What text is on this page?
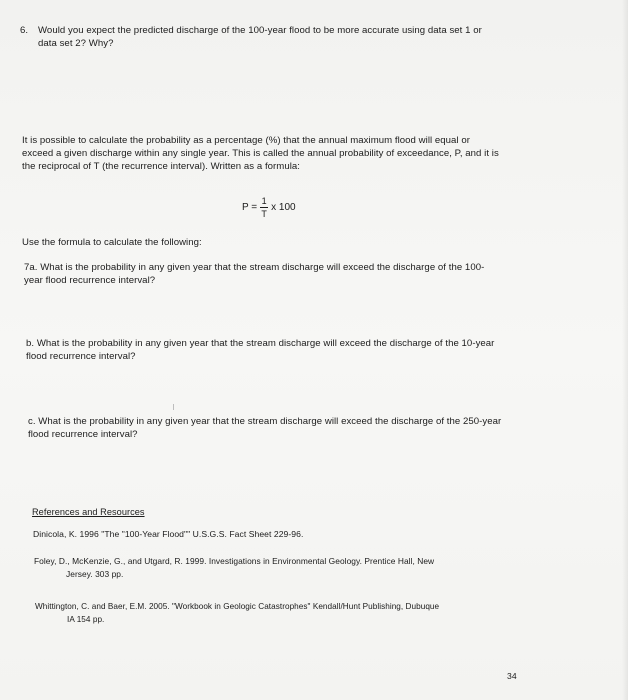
6. Would you expect the predicted discharge of the 100-year flood to be more accurate using data set 1 or
data set 2? Why?
It is possible to calculate the probability as a percentage (%) that the annual maximum flood will equal or
exceed a given discharge within any single year. This is called the annual probability of exceedance, P, and it is
the reciprocal of T (the recurrence interval). Written as a formula:
$P = \frac{1}{T}$ x 100
Use the formula to calculate the following:
7a. What is the probability in any given year that the stream discharge will exceed the discharge of the 100-
year flood recurrence interval?
b. What is the probability in any given year that the stream discharge will exceed the discharge of the 10-year
flood recurrence interval?
c. What is the probability in any given year that the stream discharge will exceed the discharge of the 250-year
flood recurrence interval?
References and Resources
Dinicola, K. 1996 "The "100-Year Flood"" U.S.G.S. Fact Sheet 229-96.
Foley, D., McKenzie, G., and Utgard, R. 1999. Investigations in Environmental Geology. Prentice Hall, New
Jersey. 303 pp.
Whittington, C. and Baer, E.M. 2005. "Workbook in Geologic Catastrophes" Kendall/Hunt Publishing, Dubuque
IA 154 pp.
34
